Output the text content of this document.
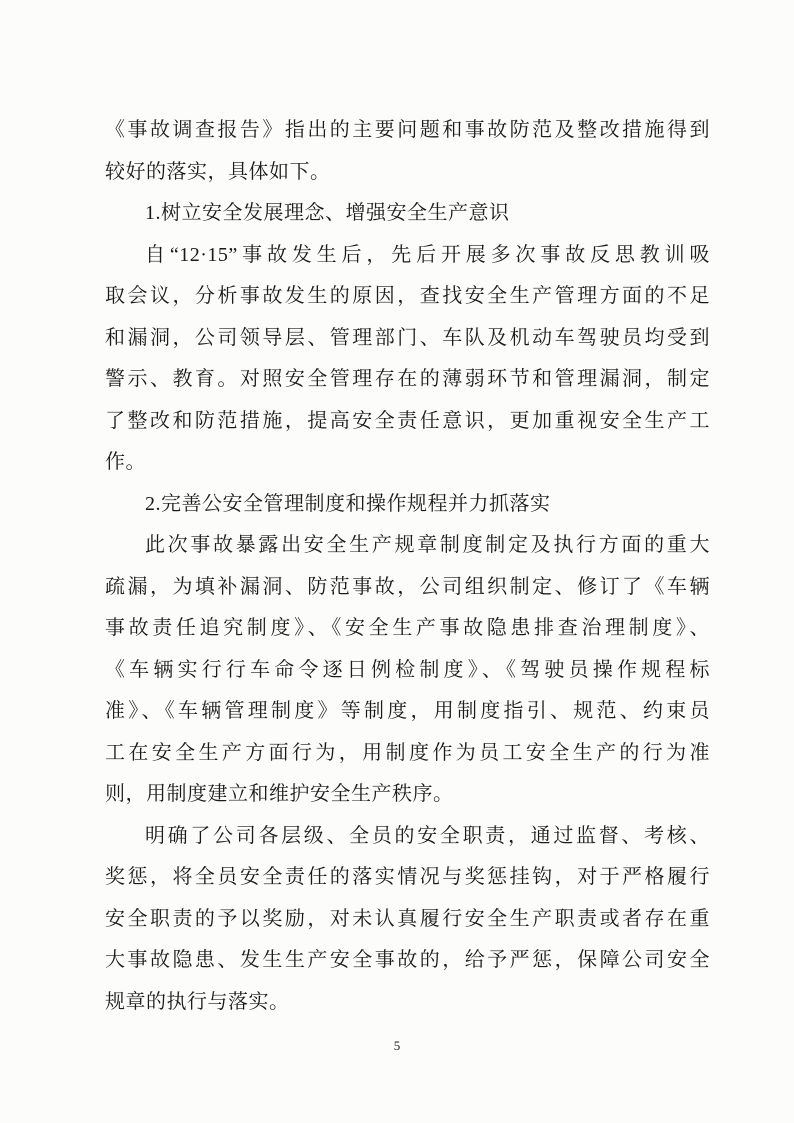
《事故调查报告》指出的主要问题和事故防范及整改措施得到
较好的落实，具体如下。
1.树立安全发展理念、增强安全生产意识
自“12·15”事故发生后，先后开展多次事故反思教训吸
取会议，分析事故发生的原因，查找安全生产管理方面的不足
和漏洞，公司领导层、管理部门、车队及机动车驾驶员均受到
警示、教育。对照安全管理存在的薄弱环节和管理漏洞，制定
了整改和防范措施，提高安全责任意识，更加重视安全生产工
作。
2.完善公安全管理制度和操作规程并力抓落实
此次事故暴露出安全生产规章制度制定及执行方面的重大
疏漏，为填补漏洞、防范事故，公司组织制定、修订了《车辆
事故责任追究制度》、《安全生产事故隐患排查治理制度》、
《车辆实行行车命令逐日例检制度》、《驾驶员操作规程标
准》、《车辆管理制度》等制度，用制度指引、规范、约束员
工在安全生产方面行为，用制度作为员工安全生产的行为准
则，用制度建立和维护安全生产秩序。
明确了公司各层级、全员的安全职责，通过监督、考核、
奖惩，将全员安全责任的落实情况与奖惩挂钩，对于严格履行
安全职责的予以奖励，对未认真履行安全生产职责或者存在重
大事故隐患、发生生产安全事故的，给予严惩，保障公司安全
规章的执行与落实。
5
